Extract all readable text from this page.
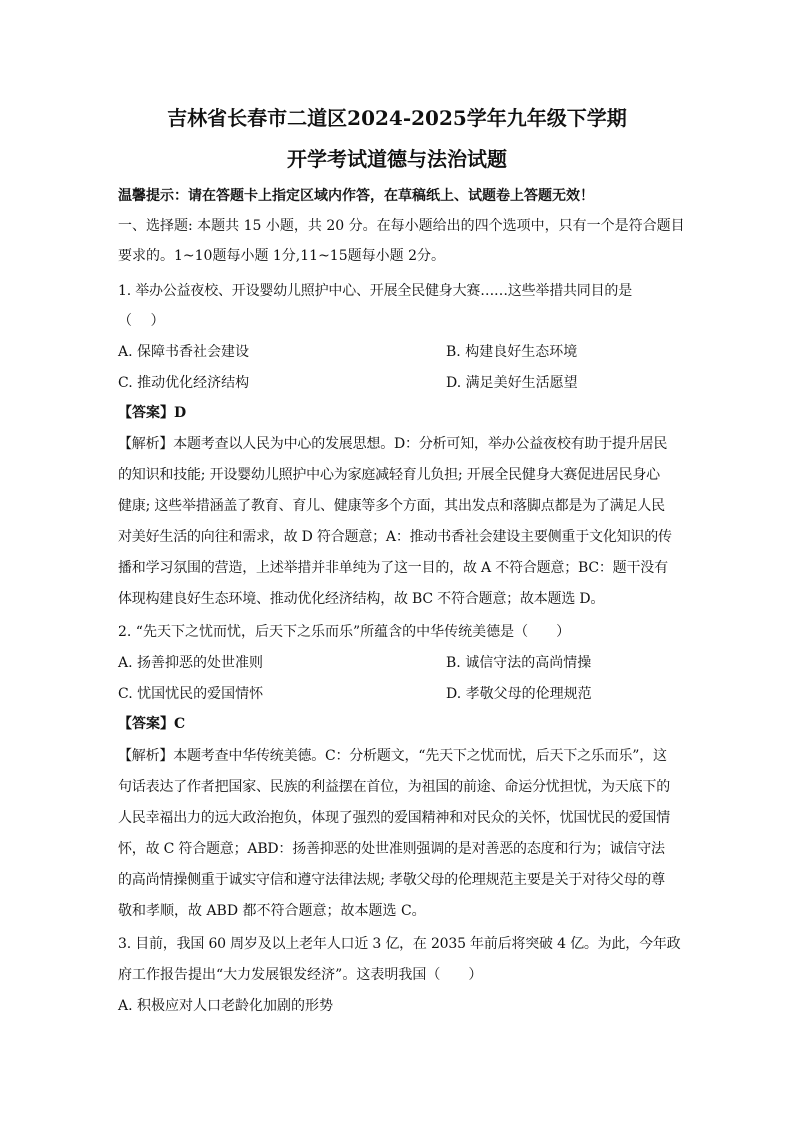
吉林省长春市二道区2024-2025学年九年级下学期
开学考试道德与法治试题
温馨提示：请在答题卡上指定区域内作答，在草稿纸上、试题卷上答题无效！
一、选择题: 本题共 15 小题，共 20 分。在每小题给出的四个选项中，只有一个是符合题目
要求的。1~10题每小题 1分,11~15题每小题 2分。
1. 举办公益夜校、开设婴幼儿照护中心、开展全民健身大赛……这些举措共同目的是
（　 ）
A. 保障书香社会建设	B. 构建良好生态环境
C. 推动优化经济结构	D. 满足美好生活愿望
【答案】D
【解析】本题考查以人民为中心的发展思想。D：分析可知，举办公益夜校有助于提升居民
的知识和技能; 开设婴幼儿照护中心为家庭减轻育儿负担; 开展全民健身大赛促进居民身心
健康; 这些举措涵盖了教育、育儿、健康等多个方面，其出发点和落脚点都是为了满足人民
对美好生活的向往和需求，故 D 符合题意；A：推动书香社会建设主要侧重于文化知识的传
播和学习氛围的营造，上述举措并非单纯为了这一目的，故 A 不符合题意；BC：题干没有
体现构建良好生态环境、推动优化经济结构，故 BC 不符合题意；故本题选 D。
2. “先天下之忧而忧，后天下之乐而乐”所蕴含的中华传统美德是（　　）
A. 扬善抑恶的处世准则	B. 诚信守法的高尚情操
C. 忧国忧民的爱国情怀	D. 孝敬父母的伦理规范
【答案】C
【解析】本题考查中华传统美德。C：分析题文，“先天下之忧而忧，后天下之乐而乐”，这
句话表达了作者把国家、民族的利益摆在首位，为祖国的前途、命运分忧担忧，为天底下的
人民幸福出力的远大政治抱负，体现了强烈的爱国精神和对民众的关怀，忧国忧民的爱国情
怀，故 C 符合题意；ABD：扬善抑恶的处世准则强调的是对善恶的态度和行为；诚信守法
的高尚情操侧重于诚实守信和遵守法律法规; 孝敬父母的伦理规范主要是关于对待父母的尊
敬和孝顺，故 ABD 都不符合题意；故本题选 C。
3. 目前，我国 60 周岁及以上老年人口近 3 亿，在 2035 年前后将突破 4 亿。为此，今年政
府工作报告提出“大力发展银发经济”。这表明我国（　　）
A. 积极应对人口老龄化加剧的形势
